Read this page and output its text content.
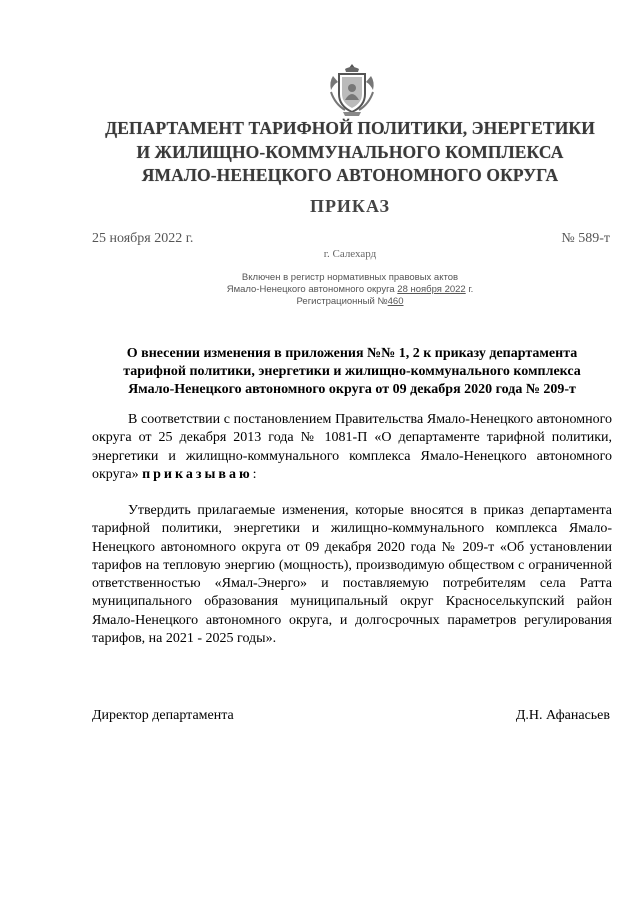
ДЕПАРТАМЕНТ ТАРИФНОЙ ПОЛИТИКИ, ЭНЕРГЕТИКИ
И ЖИЛИЩНО-КОММУНАЛЬНОГО КОМПЛЕКСА
ЯМАЛО-НЕНЕЦКОГО АВТОНОМНОГО ОКРУГА
ПРИКАЗ
25 ноября 2022 г.	№ 589-т
г. Салехард
Включен в регистр нормативных правовых актов
Ямало-Ненецкого автономного округа 28 ноября 2022 г.
Регистрационный №460
О внесении изменения в приложения №№ 1, 2 к приказу департамента
тарифной политики, энергетики и жилищно-коммунального комплекса
Ямало-Ненецкого автономного округа от 09 декабря 2020 года № 209-т
В соответствии с постановлением Правительства Ямало-Ненецкого автономного округа от 25 декабря 2013 года № 1081-П «О департаменте тарифной политики, энергетики и жилищно-коммунального комплекса Ямало-Ненецкого автономного округа» приказываю:
Утвердить прилагаемые изменения, которые вносятся в приказ департамента тарифной политики, энергетики и жилищно-коммунального комплекса Ямало-Ненецкого автономного округа от 09 декабря 2020 года № 209-т «Об установлении тарифов на тепловую энергию (мощность), производимую обществом с ограниченной ответственностью «Ямал-Энерго» и поставляемую потребителям села Ратта муниципального образования муниципальный округ Красноселькупский район Ямало-Ненецкого автономного округа, и долгосрочных параметров регулирования тарифов, на 2021 - 2025 годы».
Директор департамента	Д.Н. Афанасьев
